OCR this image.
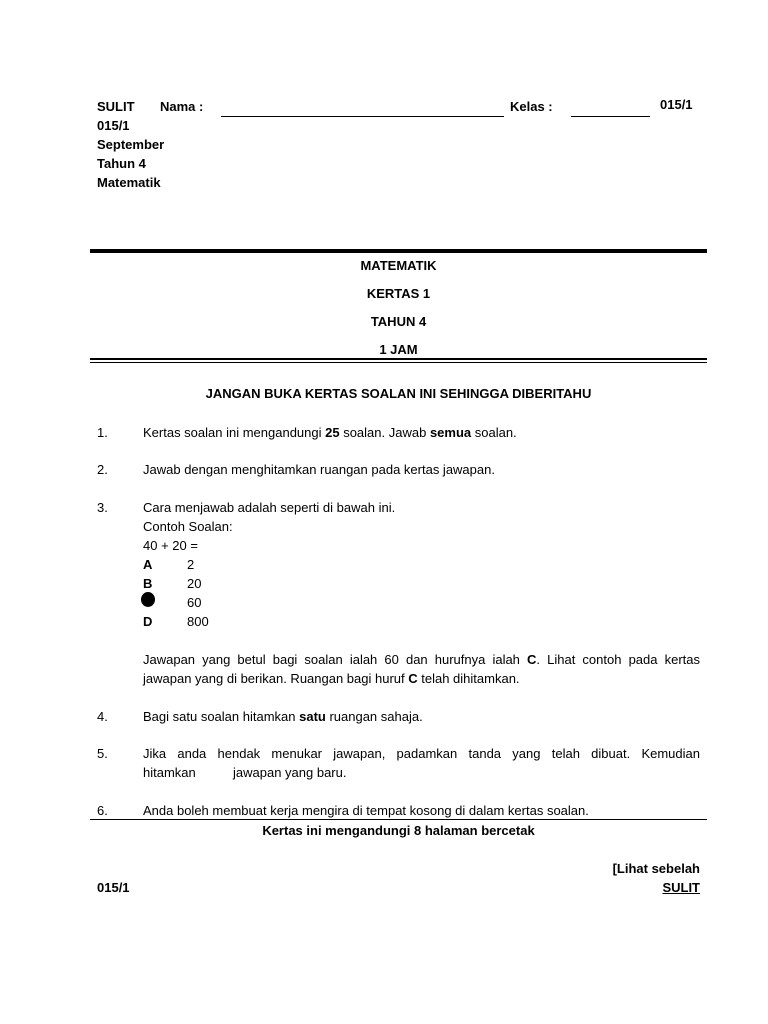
SULIT Nama :	Kelas :	015/1
015/1
September
Tahun 4
Matematik
MATEMATIK
KERTAS 1
TAHUN 4
1 JAM
JANGAN BUKA KERTAS SOALAN INI SEHINGGA DIBERITAHU
1.	Kertas soalan ini mengandungi 25 soalan. Jawab semua soalan.
2.	Jawab dengan menghitamkan ruangan pada kertas jawapan.
3.	Cara menjawab adalah seperti di bawah ini.
Contoh Soalan:
40 + 20 =
A	2
B	20
60
D	800
Jawapan yang betul bagi soalan ialah 60 dan hurufnya ialah C. Lihat contoh pada kertas
jawapan yang di berikan. Ruangan bagi huruf C telah dihitamkan.
4.	Bagi satu soalan hitamkan satu ruangan sahaja.
5.	Jika anda hendak menukar jawapan, padamkan tanda yang telah dibuat. Kemudian
hitamkan	jawapan yang baru.
6.	Anda boleh membuat kerja mengira di tempat kosong di dalam kertas soalan.
Kertas ini mengandungi 8 halaman bercetak
[Lihat sebelah
015/1	SULIT
